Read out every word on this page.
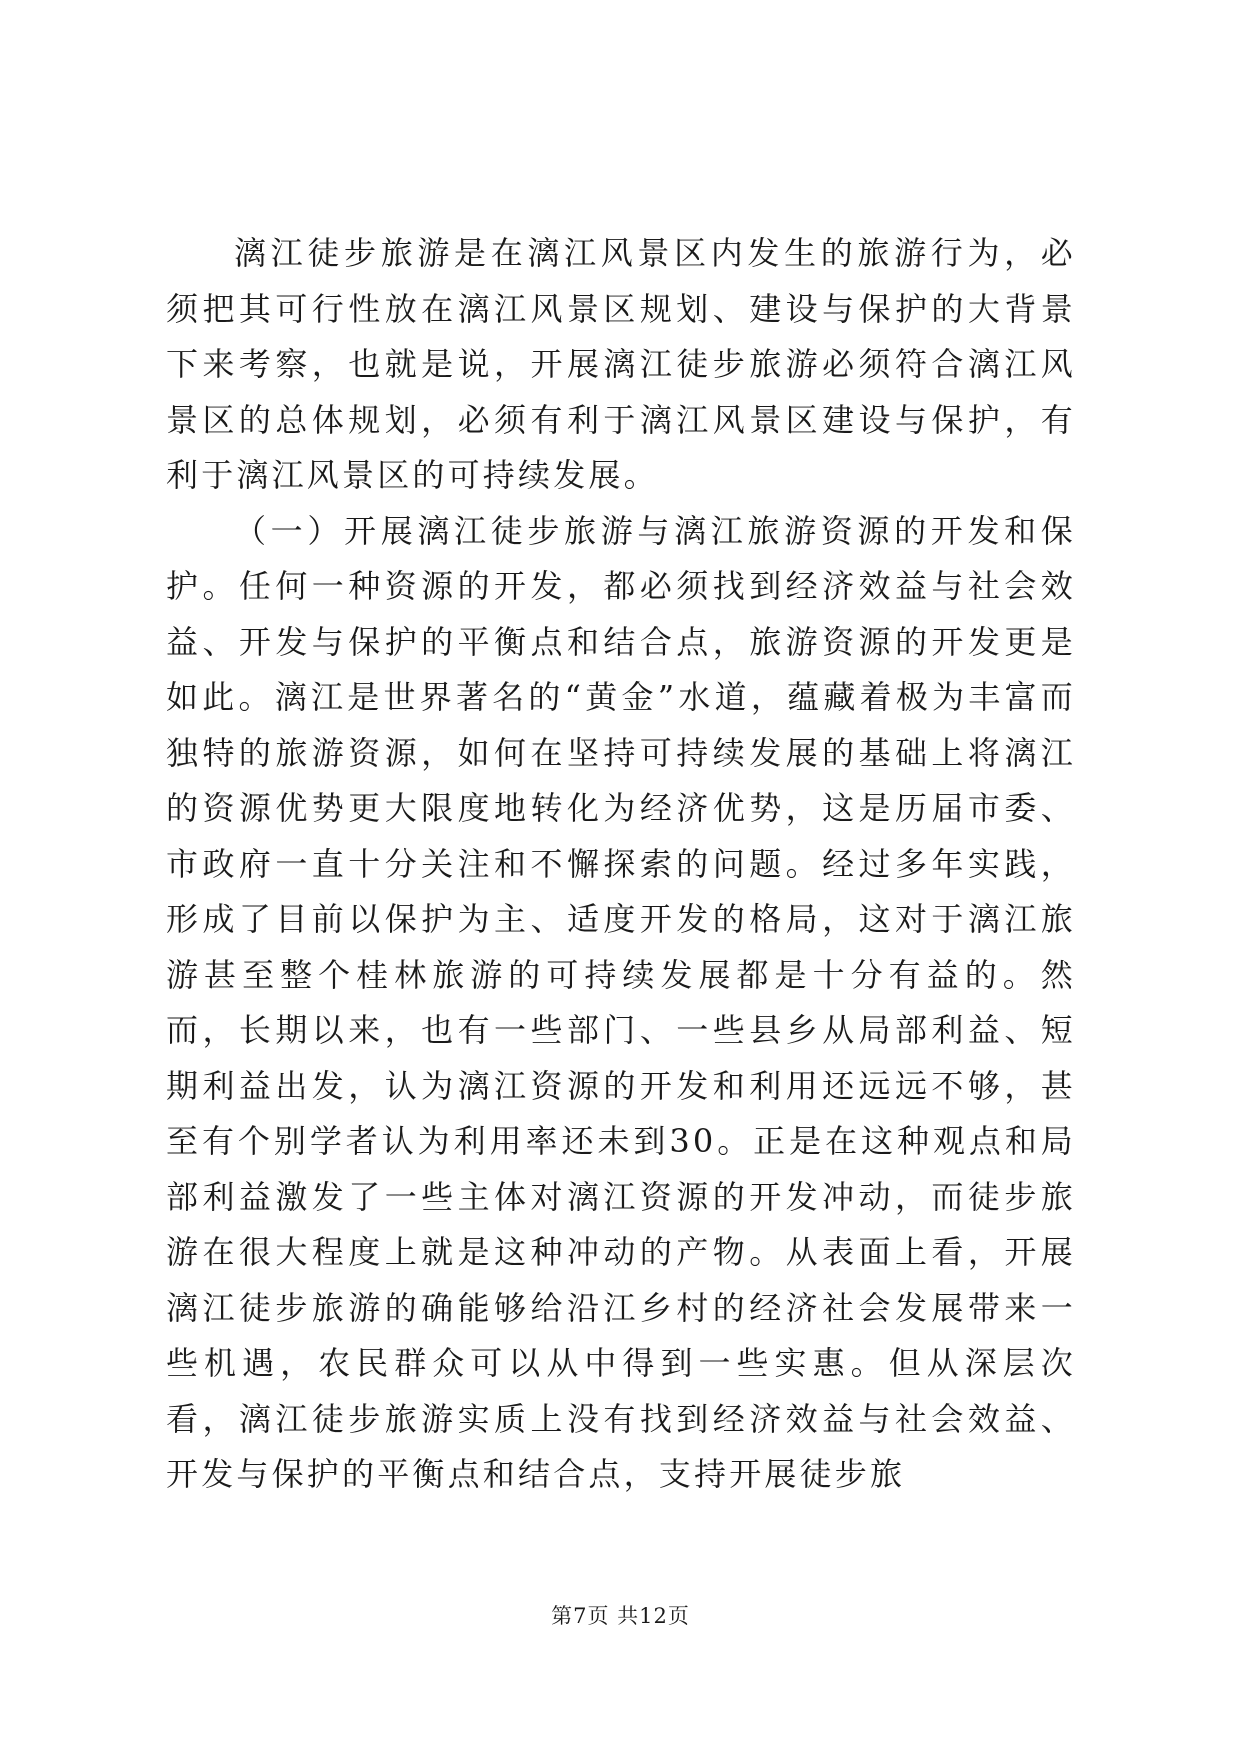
漓江徒步旅游是在漓江风景区内发生的旅游行为，必须把其可行性放在漓江风景区规划、建设与保护的大背景下来考察，也就是说，开展漓江徒步旅游必须符合漓江风景区的总体规划，必须有利于漓江风景区建设与保护，有利于漓江风景区的可持续发展。

（一）开展漓江徒步旅游与漓江旅游资源的开发和保护。任何一种资源的开发，都必须找到经济效益与社会效益、开发与保护的平衡点和结合点，旅游资源的开发更是如此。漓江是世界著名的“黄金”水道，蕴藏着极为丰富而独特的旅游资源，如何在坚持可持续发展的基础上将漓江的资源优势更大限度地转化为经济优势，这是历届市委、市政府一直十分关注和不懈探索的问题。经过多年实践，形成了目前以保护为主、适度开发的格局，这对于漓江旅游甚至整个桂林旅游的可持续发展都是十分有益的。然而，长期以来，也有一些部门、一些县乡从局部利益、短期利益出发，认为漓江资源的开发和利用还远远不够，甚至有个别学者认为利用率还未到30。正是在这种观点和局部利益激发了一些主体对漓江资源的开发冲动，而徒步旅游在很大程度上就是这种冲动的产物。从表面上看，开展漓江徒步旅游的确能够给沿江乡村的经济社会发展带来一些机遇，农民群众可以从中得到一些实惠。但从深层次看，漓江徒步旅游实质上没有找到经济效益与社会效益、开发与保护的平衡点和结合点，支持开展徒步旅

第7页 共12页
